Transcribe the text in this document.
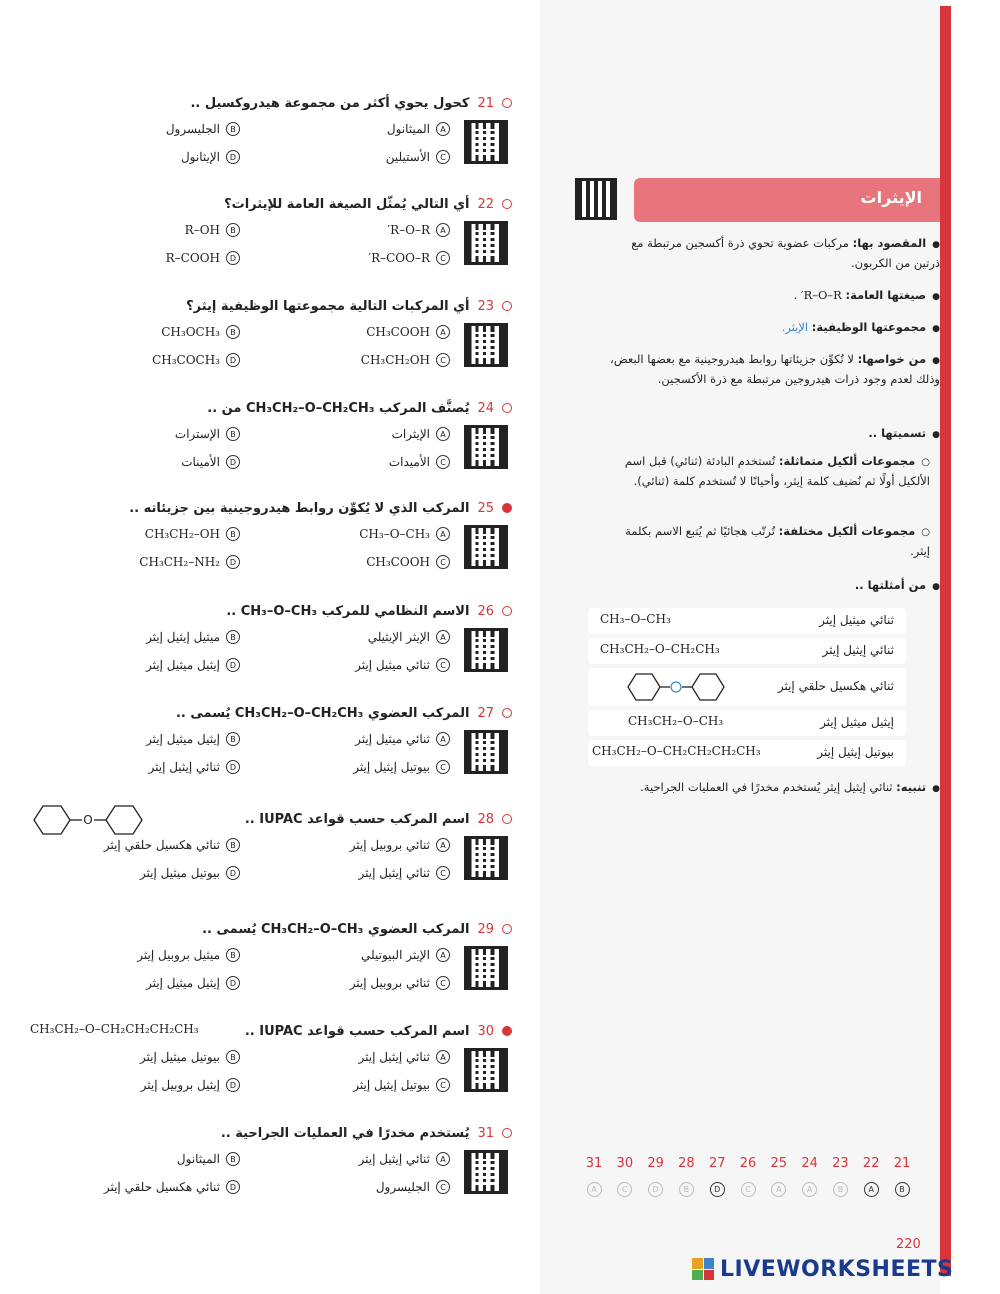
الإيثرات
● المقصود بها: مركبات عضوية تحوي ذرة أكسجين مرتبطة مع ذرتين من الكربون.
● صيغتها العامة: R–O–R′ .
● مجموعتها الوظيفية: الإيثر.
● من خواصها: لا تُكوِّن جزيئاتها روابط هيدروجينية مع بعضها البعض، وذلك لعدم وجود ذرات هيدروجين مرتبطة مع ذرة الأكسجين.
● تسميتها ..
○ مجموعات ألكيل متماثلة: تُستخدم البادئة (ثنائي) قبل اسم الألكيل أولًا ثم نُضيف كلمة إيثر، وأحيانًا لا تُستخدم كلمة (ثنائي).
○ مجموعات ألكيل مختلفة: تُرتّب هجائيًا ثم يُتبع الاسم بكلمة إيثر.
● من أمثلتها ..
ثنائي ميثيل إيثر
CH₃–O–CH₃
ثنائي إيثيل إيثر
CH₃CH₂–O–CH₂CH₃
ثنائي هكسيل حلقي إيثر
إيثيل ميثيل إيثر
CH₃CH₂–O–CH₃
بيوتيل إيثيل إيثر
CH₃CH₂–O–CH₂CH₂CH₂CH₃
● تنبيه: ثنائي إيثيل إيثر يُستخدم مخدرًا في العمليات الجراحية.
21
كحول يحوي أكثر من مجموعة هيدروكسيل ..
A
الميثانول
B
الجليسرول
C
الأستيلين
D
الإيثانول
22
أي التالي يُمثّل الصيغة العامة للإيثرات؟
A
R–O–R′
B
R–OH
C
R–COO–R′
D
R–COOH
23
أي المركبات التالية مجموعتها الوظيفية إيثر؟
A
CH₃COOH
B
CH₃OCH₃
C
CH₃CH₂OH
D
CH₃COCH₃
24
يُصنَّف المركب CH₃CH₂–O–CH₂CH₃ من ..
A
الإيثرات
B
الإسترات
C
الأميدات
D
الأمينات
25
المركب الذي لا يُكوِّن روابط هيدروجينية بين جزيئاته ..
A
CH₃–O–CH₃
B
CH₃CH₂–OH
C
CH₃COOH
D
CH₃CH₂–NH₂
26
الاسم النظامي للمركب CH₃–O–CH₃ ..
A
الإيثر الإيثيلي
B
ميثيل إيثيل إيثر
C
ثنائي ميثيل إيثر
D
إيثيل ميثيل إيثر
27
المركب العضوي CH₃CH₂–O–CH₂CH₃ يُسمى ..
A
ثنائي ميثيل إيثر
B
إيثيل ميثيل إيثر
C
بيوتيل إيثيل إيثر
D
ثنائي إيثيل إيثر
28
اسم المركب حسب قواعد IUPAC ..
A
ثنائي بروبيل إيثر
B
ثنائي هكسيل حلقي إيثر
C
ثنائي إيثيل إيثر
D
بيوتيل ميثيل إيثر
O
29
المركب العضوي CH₃CH₂–O–CH₃ يُسمى ..
A
الإيثر البيوتيلي
B
ميثيل بروبيل إيثر
C
ثنائي بروبيل إيثر
D
إيثيل ميثيل إيثر
30
اسم المركب حسب قواعد IUPAC ..
A
ثنائي إيثيل إيثر
B
بيوتيل ميثيل إيثر
C
بيوتيل إيثيل إيثر
D
إيثيل بروبيل إيثر
CH₃CH₂–O–CH₂CH₂CH₂CH₃
31
يُستخدم مخدرًا في العمليات الجراحية ..
A
ثنائي إيثيل إيثر
B
الميثانول
C
الجليسرول
D
ثنائي هكسيل حلقي إيثر
21
22
23
24
25
26
27
28
29
30
31
B
A
B
A
A
C
D
B
D
C
A
220
LIVEWORKSHEETS
